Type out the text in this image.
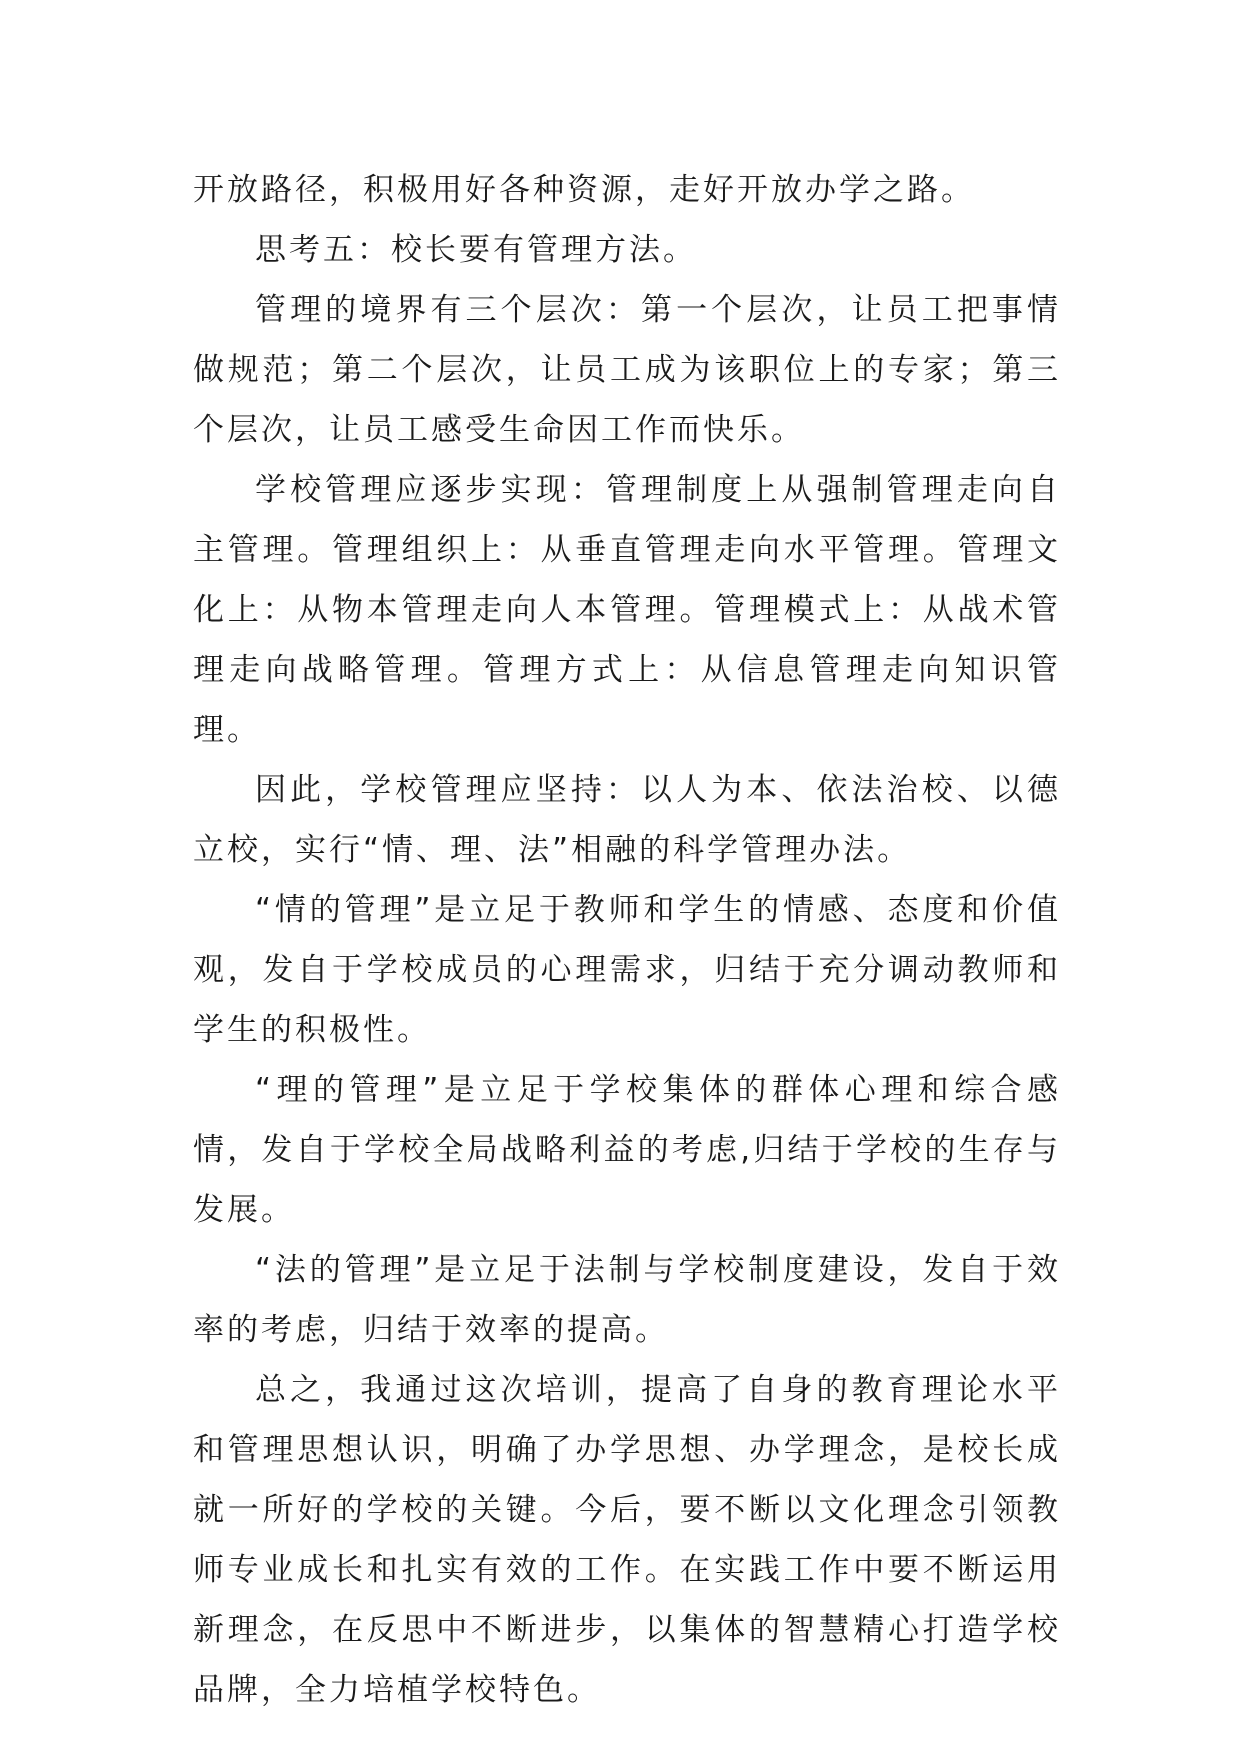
开放路径，积极用好各种资源，走好开放办学之路。

思考五：校长要有管理方法。

管理的境界有三个层次：第一个层次，让员工把事情做规范；第二个层次，让员工成为该职位上的专家；第三个层次，让员工感受生命因工作而快乐。

学校管理应逐步实现：管理制度上从强制管理走向自主管理。管理组织上：从垂直管理走向水平管理。管理文化上：从物本管理走向人本管理。管理模式上：从战术管理走向战略管理。管理方式上：从信息管理走向知识管理。

因此，学校管理应坚持：以人为本、依法治校、以德立校，实行“情、理、法”相融的科学管理办法。

“情的管理”是立足于教师和学生的情感、态度和价值观，发自于学校成员的心理需求，归结于充分调动教师和学生的积极性。

“理的管理”是立足于学校集体的群体心理和综合感情，发自于学校全局战略利益的考虑,归结于学校的生存与发展。

“法的管理”是立足于法制与学校制度建设，发自于效率的考虑，归结于效率的提高。

总之，我通过这次培训，提高了自身的教育理论水平和管理思想认识，明确了办学思想、办学理念，是校长成就一所好的学校的关键。今后，要不断以文化理念引领教师专业成长和扎实有效的工作。在实践工作中要不断运用新理念，在反思中不断进步，以集体的智慧精心打造学校品牌，全力培植学校特色。
